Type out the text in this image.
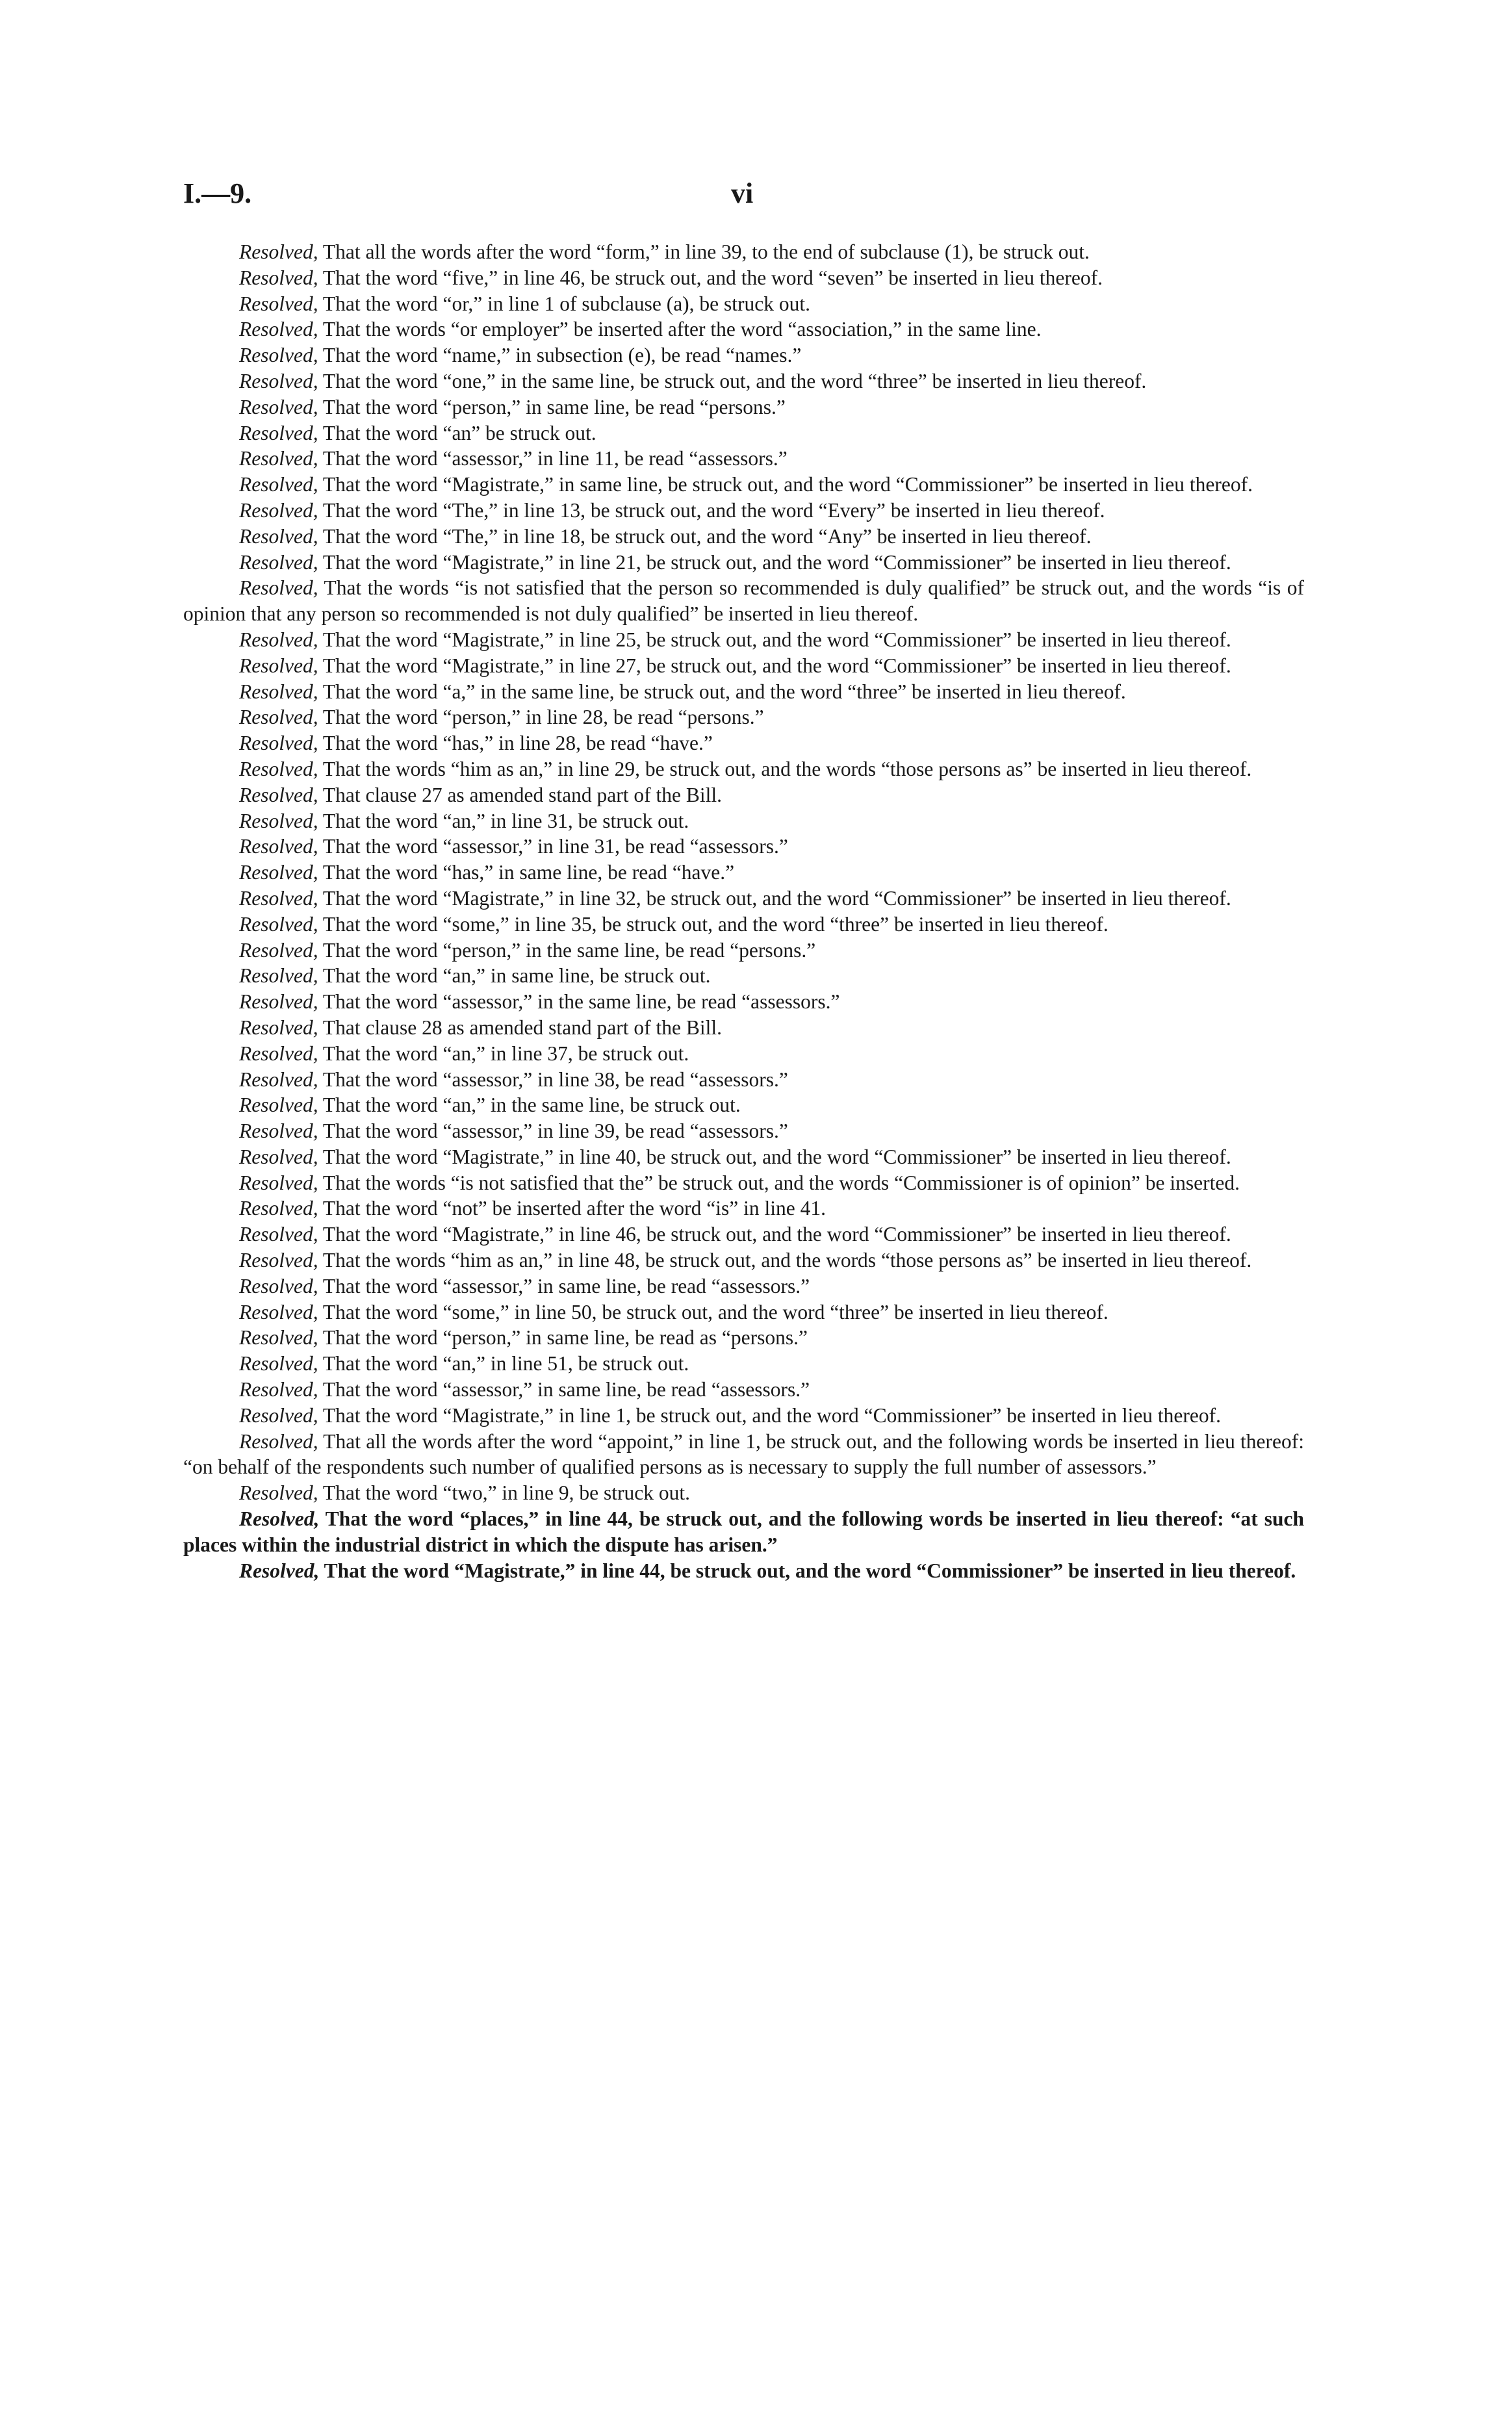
I.—9.	vi

Resolved, That all the words after the word “form,” in line 39, to the end of subclause (1), be struck out.

Resolved, That the word “five,” in line 46, be struck out, and the word “seven” be inserted in lieu thereof.

Resolved, That the word “or,” in line 1 of subclause (a), be struck out.

Resolved, That the words “or employer” be inserted after the word “association,” in the same line.

Resolved, That the word “name,” in subsection (e), be read “names.”

Resolved, That the word “one,” in the same line, be struck out, and the word “three” be inserted in lieu thereof.

Resolved, That the word “person,” in same line, be read “persons.”

Resolved, That the word “an” be struck out.

Resolved, That the word “assessor,” in line 11, be read “assessors.”

Resolved, That the word “Magistrate,” in same line, be struck out, and the word “Commissioner” be inserted in lieu thereof.

Resolved, That the word “The,” in line 13, be struck out, and the word “Every” be inserted in lieu thereof.

Resolved, That the word “The,” in line 18, be struck out, and the word “Any” be inserted in lieu thereof.

Resolved, That the word “Magistrate,” in line 21, be struck out, and the word “Commissioner” be inserted in lieu thereof.

Resolved, That the words “is not satisfied that the person so recommended is duly qualified” be struck out, and the words “is of opinion that any person so recommended is not duly qualified” be inserted in lieu thereof.

Resolved, That the word “Magistrate,” in line 25, be struck out, and the word “Commissioner” be inserted in lieu thereof.

Resolved, That the word “Magistrate,” in line 27, be struck out, and the word “Commissioner” be inserted in lieu thereof.

Resolved, That the word “a,” in the same line, be struck out, and the word “three” be inserted in lieu thereof.

Resolved, That the word “person,” in line 28, be read “persons.”

Resolved, That the word “has,” in line 28, be read “have.”

Resolved, That the words “him as an,” in line 29, be struck out, and the words “those persons as” be inserted in lieu thereof.

Resolved, That clause 27 as amended stand part of the Bill.

Resolved, That the word “an,” in line 31, be struck out.

Resolved, That the word “assessor,” in line 31, be read “assessors.”

Resolved, That the word “has,” in same line, be read “have.”

Resolved, That the word “Magistrate,” in line 32, be struck out, and the word “Commissioner” be inserted in lieu thereof.

Resolved, That the word “some,” in line 35, be struck out, and the word “three” be inserted in lieu thereof.

Resolved, That the word “person,” in the same line, be read “persons.”

Resolved, That the word “an,” in same line, be struck out.

Resolved, That the word “assessor,” in the same line, be read “assessors.”

Resolved, That clause 28 as amended stand part of the Bill.

Resolved, That the word “an,” in line 37, be struck out.

Resolved, That the word “assessor,” in line 38, be read “assessors.”

Resolved, That the word “an,” in the same line, be struck out.

Resolved, That the word “assessor,” in line 39, be read “assessors.”

Resolved, That the word “Magistrate,” in line 40, be struck out, and the word “Commissioner” be inserted in lieu thereof.

Resolved, That the words “is not satisfied that the” be struck out, and the words “Commissioner is of opinion” be inserted.

Resolved, That the word “not” be inserted after the word “is” in line 41.

Resolved, That the word “Magistrate,” in line 46, be struck out, and the word “Commissioner” be inserted in lieu thereof.

Resolved, That the words “him as an,” in line 48, be struck out, and the words “those persons as” be inserted in lieu thereof.

Resolved, That the word “assessor,” in same line, be read “assessors.”

Resolved, That the word “some,” in line 50, be struck out, and the word “three” be inserted in lieu thereof.

Resolved, That the word “person,” in same line, be read as “persons.”

Resolved, That the word “an,” in line 51, be struck out.

Resolved, That the word “assessor,” in same line, be read “assessors.”

Resolved, That the word “Magistrate,” in line 1, be struck out, and the word “Commissioner” be inserted in lieu thereof.

Resolved, That all the words after the word “appoint,” in line 1, be struck out, and the following words be inserted in lieu thereof: “on behalf of the respondents such number of qualified persons as is necessary to supply the full number of assessors.”

Resolved, That the word “two,” in line 9, be struck out.

Resolved, That the word “places,” in line 44, be struck out, and the following words be inserted in lieu thereof: “at such places within the industrial district in which the dispute has arisen.”

Resolved, That the word “Magistrate,” in line 44, be struck out, and the word “Commissioner” be inserted in lieu thereof.
